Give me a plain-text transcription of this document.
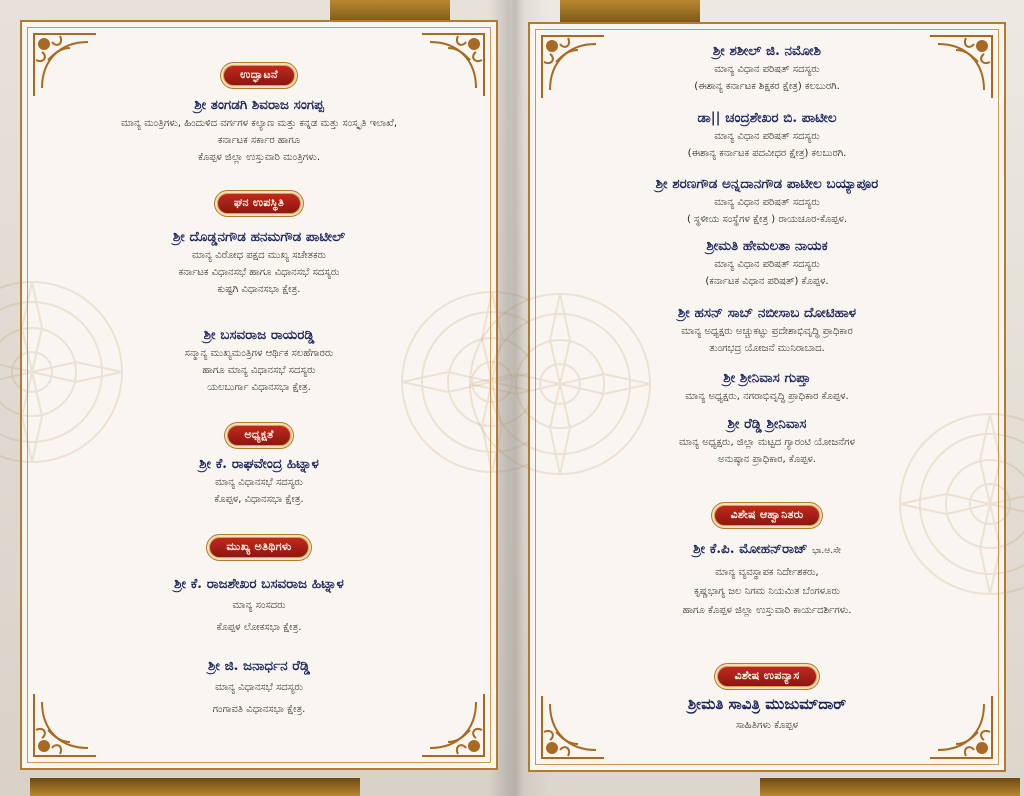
ಉದ್ಘಾಟನೆ
ಶ್ರೀ ತಂಗಡಗಿ ಶಿವರಾಜ ಸಂಗಪ್ಪ
ಮಾನ್ಯ ಮಂತ್ರಿಗಳು, ಹಿಂದುಳಿದ ವರ್ಗಗಳ ಕಲ್ಯಾಣ ಮತ್ತು ಕನ್ನಡ ಮತ್ತು ಸಂಸ್ಕೃತಿ ಇಲಾಖೆ,
ಕರ್ನಾಟಕ ಸರ್ಕಾರ ಹಾಗೂ
ಕೊಪ್ಪಳ ಜಿಲ್ಲಾ ಉಸ್ತುವಾರಿ ಮಂತ್ರಿಗಳು.
ಘನ ಉಪಸ್ಥಿತಿ
ಶ್ರೀ ದೊಡ್ಡನಗೌಡ ಹನಮಗೌಡ ಪಾಟೀಲ್
ಮಾನ್ಯ ವಿರೋಧ ಪಕ್ಷದ ಮುಖ್ಯ ಸಚೇತಕರು
ಕರ್ನಾಟಕ ವಿಧಾನಸಭೆ ಹಾಗೂ ವಿಧಾನಸಭೆ ಸದಸ್ಯರು
ಕುಷ್ಟಗಿ ವಿಧಾನಸಭಾ ಕ್ಷೇತ್ರ.
ಶ್ರೀ ಬಸವರಾಜ ರಾಯರಡ್ಡಿ
ಸನ್ಮಾನ್ಯ ಮುಖ್ಯಮಂತ್ರಿಗಳ ಆರ್ಥಿಕ ಸಲಹೆಗಾರರು
ಹಾಗೂ ಮಾನ್ಯ ವಿಧಾನಸಭೆ ಸದಸ್ಯರು
ಯಲಬುರ್ಗಾ ವಿಧಾನಸಭಾ ಕ್ಷೇತ್ರ.
ಅಧ್ಯಕ್ಷತೆ
ಶ್ರೀ ಕೆ. ರಾಘವೇಂದ್ರ ಹಿಟ್ನಾಳ
ಮಾನ್ಯ ವಿಧಾನಸಭೆ ಸದಸ್ಯರು
ಕೊಪ್ಪಳ, ವಿಧಾನಸಭಾ ಕ್ಷೇತ್ರ.
ಮುಖ್ಯ ಅತಿಥಿಗಳು
ಶ್ರೀ ಕೆ. ರಾಜಶೇಖರ ಬಸವರಾಜ ಹಿಟ್ನಾಳ
ಮಾನ್ಯ ಸಂಸದರು
ಕೊಪ್ಪಳ ಲೋಕಸಭಾ ಕ್ಷೇತ್ರ.
ಶ್ರೀ ಜಿ. ಜನಾರ್ಧನ ರೆಡ್ಡಿ
ಮಾನ್ಯ ವಿಧಾನಸಭೆ ಸದಸ್ಯರು
ಗಂಗಾವತಿ ವಿಧಾನಸಭಾ ಕ್ಷೇತ್ರ.
ಶ್ರೀ ಶಶೀಲ್ ಜಿ. ನಮೋಶಿ
ಮಾನ್ಯ ವಿಧಾನ ಪರಿಷತ್ ಸದಸ್ಯರು
(ಈಶಾನ್ಯ ಕರ್ನಾಟಕ ಶಿಕ್ಷಕರ ಕ್ಷೇತ್ರ) ಕಲಬುರಗಿ.
ಡಾ|| ಚಂದ್ರಶೇಖರ ಬಿ. ಪಾಟೀಲ
ಮಾನ್ಯ ವಿಧಾನ ಪರಿಷತ್ ಸದಸ್ಯರು
(ಈಶಾನ್ಯ ಕರ್ನಾಟಕ ಪದವೀಧರ ಕ್ಷೇತ್ರ) ಕಲಬುರಗಿ.
ಶ್ರೀ ಶರಣಗೌಡ ಅನ್ನದಾನಗೌಡ ಪಾಟೀಲ ಬಯ್ಯಾಪೂರ
ಮಾನ್ಯ ವಿಧಾನ ಪರಿಷತ್ ಸದಸ್ಯರು
( ಸ್ಥಳೀಯ ಸಂಸ್ಥೆಗಳ ಕ್ಷೇತ್ರ ) ರಾಯಚೂರ-ಕೊಪ್ಪಳ.
ಶ್ರೀಮತಿ ಹೇಮಲತಾ ನಾಯಕ
ಮಾನ್ಯ ವಿಧಾನ ಪರಿಷತ್ ಸದಸ್ಯರು
(ಕರ್ನಾಟಕ ವಿಧಾನ ಪರಿಷತ್) ಕೊಪ್ಪಳ.
ಶ್ರೀ ಹಸನ್ ಸಾಬ್ ನಬೀಸಾಬ ದೋಟಿಹಾಳ
ಮಾನ್ಯ ಅಧ್ಯಕ್ಷರು ಅಚ್ಚುಕಟ್ಟು ಪ್ರದೇಶಾಭಿವೃದ್ಧಿ ಪ್ರಾಧಿಕಾರ
ತುಂಗಭದ್ರ ಯೋಜನೆ ಮುನಿರಾಬಾದ.
ಶ್ರೀ ಶ್ರೀನಿವಾಸ ಗುಪ್ತಾ
ಮಾನ್ಯ ಅಧ್ಯಕ್ಷರು, ನಗರಾಭಿವೃದ್ಧಿ ಪ್ರಾಧಿಕಾರ ಕೊಪ್ಪಳ.
ಶ್ರೀ ರೆಡ್ಡಿ ಶ್ರೀನಿವಾಸ
ಮಾನ್ಯ ಅಧ್ಯಕ್ಷರು, ಜಿಲ್ಲಾ ಮಟ್ಟದ ಗ್ಯಾರಂಟಿ ಯೋಜನೆಗಳ
ಅನುಷ್ಠಾನ ಪ್ರಾಧಿಕಾರ, ಕೊಪ್ಪಳ.
ವಿಶೇಷ ಆಹ್ವಾನಿತರು
ಶ್ರೀ ಕೆ.ಪಿ. ಮೋಹನ್‌ರಾಜ್ ಭಾ.ಆ.ಸೇ
ಮಾನ್ಯ ವ್ಯವಸ್ಥಾಪಕ ನಿರ್ದೇಶಕರು,
ಕೃಷ್ಣಭಾಗ್ಯ ಜಲ ನಿಗಮ ನಿಯಮಿತ ಬೆಂಗಳೂರು
ಹಾಗೂ ಕೊಪ್ಪಳ ಜಿಲ್ಲಾ ಉಸ್ತುವಾರಿ ಕಾರ್ಯದರ್ಶಿಗಳು.
ವಿಶೇಷ ಉಪನ್ಯಾಸ
ಶ್ರೀಮತಿ ಸಾವಿತ್ರಿ ಮುಜುಮ್‌ದಾರ್
ಸಾಹಿತಿಗಳು ಕೊಪ್ಪಳ
